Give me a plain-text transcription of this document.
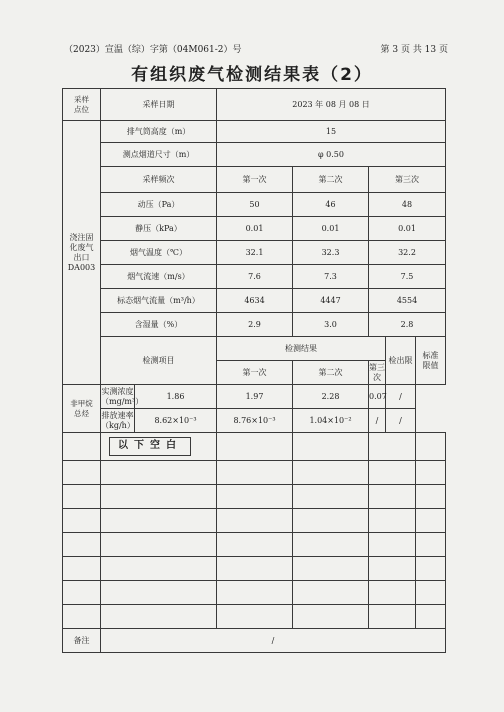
（2023）宣温（综）字第（04M061-2）号	第 3 页 共 13 页
有组织废气检测结果表（2）
采样
点位	采样日期		2023 年 08 月 08 日				
浇注固
化废气
出口
DA003	排气筒高度（m）		15				
	测点烟道尺寸（m）		φ 0.50				
	采样频次		第一次	第二次	第三次		
	动压（Pa）		50	46	48		
	静压（kPa）		0.01	0.01	0.01		
	烟气温度（℃）		32.1	32.3	32.2		
	烟气流速（m/s）		7.6	7.3	7.5		
	标态烟气流量（m³/h）		4634	4447	4554		
	含湿量（%）		2.9	3.0	2.8		
	检测项目		检测结果			检出限	标准
限值
			第一次	第二次	第三次		
非甲烷
总烃	实测浓度（mg/m³）	1.86	1.97	2.28	0.07	/	
	排放速率（kg/h）	8.62×10⁻³	8.76×10⁻³	1.04×10⁻²	/	/	
	以下空白						

备注	/						
